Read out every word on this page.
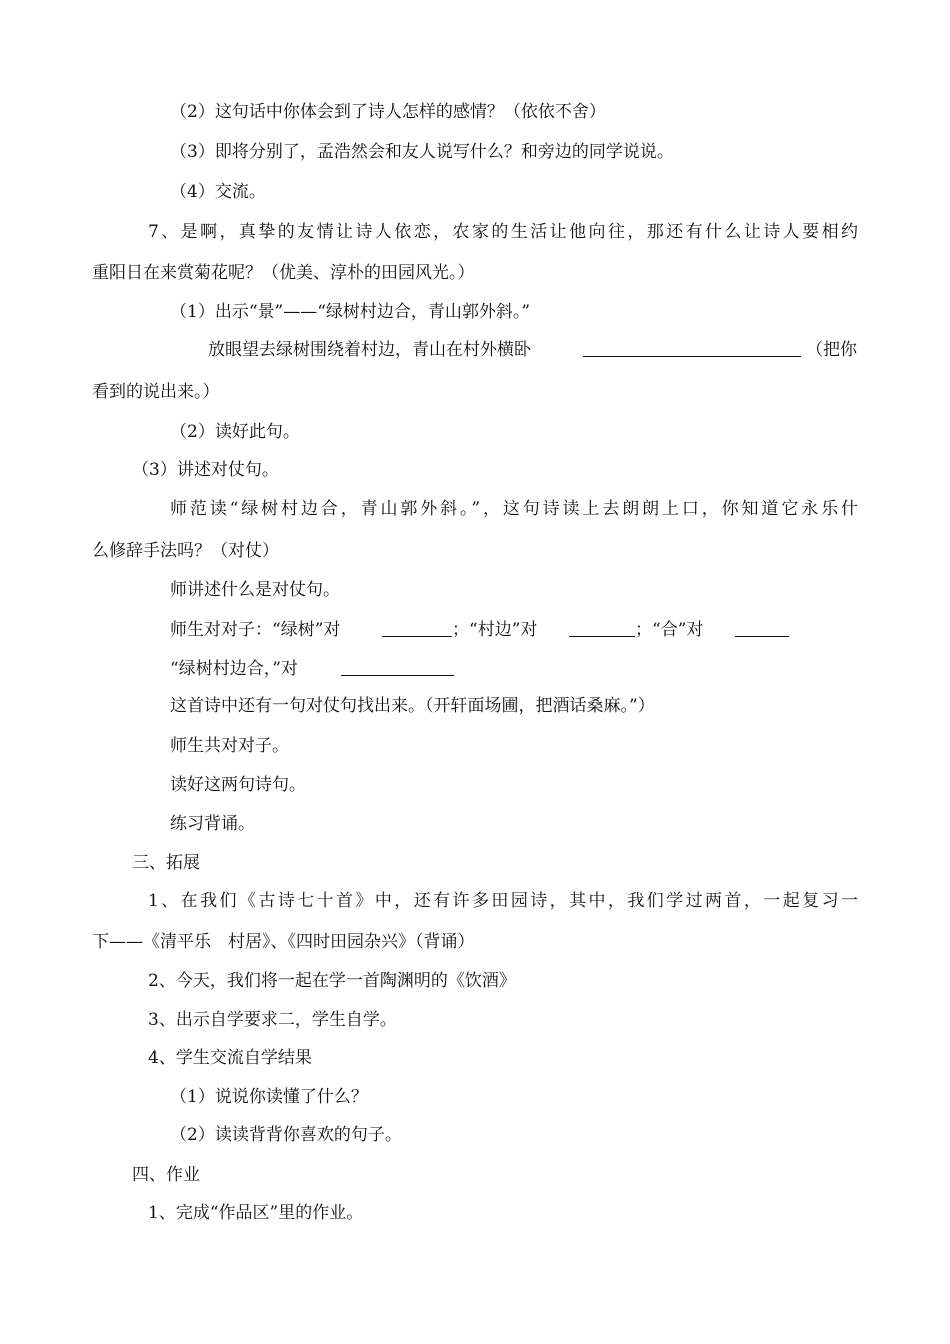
（2）这句话中你体会到了诗人怎样的感情？（依依不舍）
（3）即将分别了，孟浩然会和友人说写什么？和旁边的同学说说。
（4）交流。
7、是啊，真挚的友情让诗人依恋，农家的生活让他向往，那还有什么让诗人要相约
重阳日在来赏菊花呢？（优美、淳朴的田园风光。）
（1）出示“景”——“绿树村边合，青山郭外斜。”
放眼望去绿树围绕着村边，青山在村外横卧	（把你
看到的说出来。）
（2）读好此句。
（3）讲述对仗句。
师范读“绿树村边合，青山郭外斜。”，这句诗读上去朗朗上口，你知道它永乐什
么修辞手法吗？（对仗）
师讲述什么是对仗句。
师生对对子：“绿树”对	；“村边”对	；“合”对
“绿树村边合，”对
这首诗中还有一句对仗句找出来。（开轩面场圃，把酒话桑麻。”）
师生共对对子。
读好这两句诗句。
练习背诵。
三、拓展
1、在我们《古诗七十首》中，还有许多田园诗，其中，我们学过两首，一起复习一
下——《清平乐　村居》、《四时田园杂兴》（背诵）
2、今天，我们将一起在学一首陶渊明的《饮酒》
3、出示自学要求二，学生自学。
4、学生交流自学结果
（1）说说你读懂了什么？
（2）读读背背你喜欢的句子。
四、作业
1、完成“作品区”里的作业。
